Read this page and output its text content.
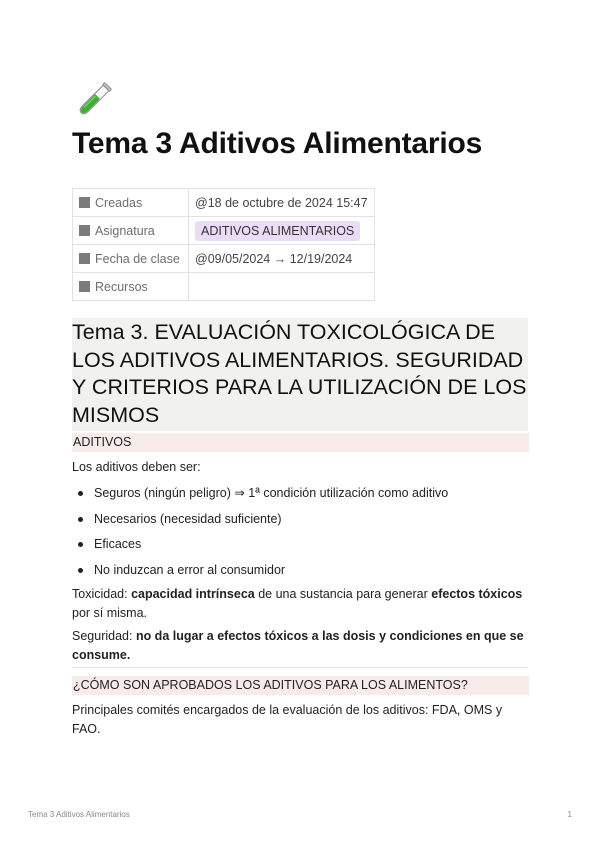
Tema 3 Aditivos Alimentarios
Creadas	@18 de octubre de 2024 15:47
Asignatura	ADITIVOS ALIMENTARIOS
Fecha de clase	@09/05/2024 → 12/19/2024
Recursos	
Tema 3. EVALUACIÓN TOXICOLÓGICA DE LOS ADITIVOS ALIMENTARIOS. SEGURIDAD Y CRITERIOS PARA LA UTILIZACIÓN DE LOS MISMOS
ADITIVOS

Los aditivos deben ser:

Seguros (ningún peligro) ⇒ 1ª condición utilización como aditivo
Necesarios (necesidad suficiente)
Eficaces
No induzcan a error al consumidor

Toxicidad: capacidad intrínseca de una sustancia para generar efectos tóxicos por sí misma.

Seguridad: no da lugar a efectos tóxicos a las dosis y condiciones en que se consume.

¿CÓMO SON APROBADOS LOS ADITIVOS PARA LOS ALIMENTOS?

Principales comités encargados de la evaluación de los aditivos: FDA, OMS y FAO.

Tema 3 Aditivos Alimentarios	1
